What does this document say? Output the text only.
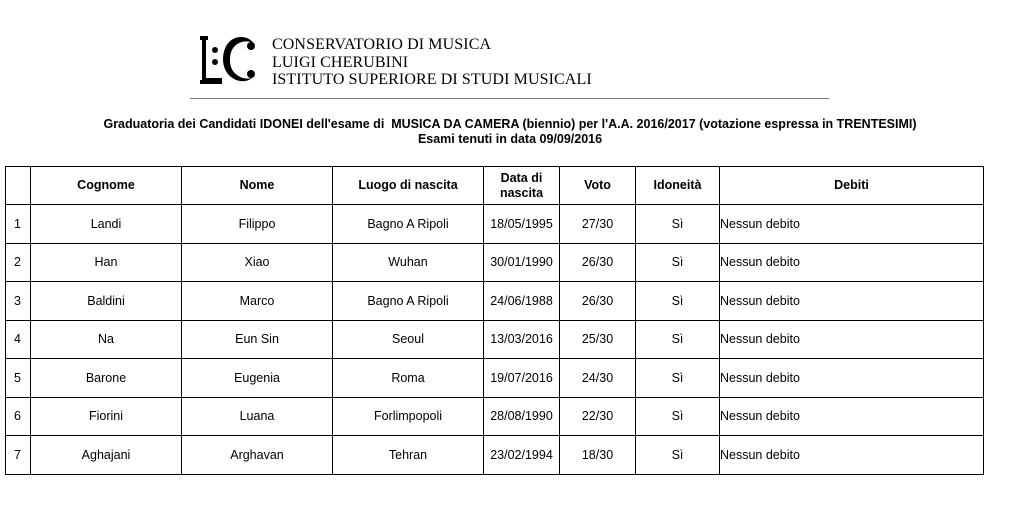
CONSERVATORIO DI MUSICA
LUIGI CHERUBINI
ISTITUTO SUPERIORE DI STUDI MUSICALI
Graduatoria dei Candidati IDONEI dell'esame di  MUSICA DA CAMERA (biennio) per l'A.A. 2016/2017 (votazione espressa in TRENTESIMI)
Esami tenuti in data 09/09/2016
	Cognome	Nome	Luogo di nascita	Data di nascita	Voto	Idoneità	Debiti
1	Landi	Filippo	Bagno A Ripoli	18/05/1995	27/30	Sì	Nessun debito
2	Han	Xiao	Wuhan	30/01/1990	26/30	Sì	Nessun debito
3	Baldini	Marco	Bagno A Ripoli	24/06/1988	26/30	Sì	Nessun debito
4	Na	Eun Sin	Seoul	13/03/2016	25/30	Sì	Nessun debito
5	Barone	Eugenia	Roma	19/07/2016	24/30	Sì	Nessun debito
6	Fiorini	Luana	Forlimpopoli	28/08/1990	22/30	Sì	Nessun debito
7	Aghajani	Arghavan	Tehran	23/02/1994	18/30	Sì	Nessun debito
